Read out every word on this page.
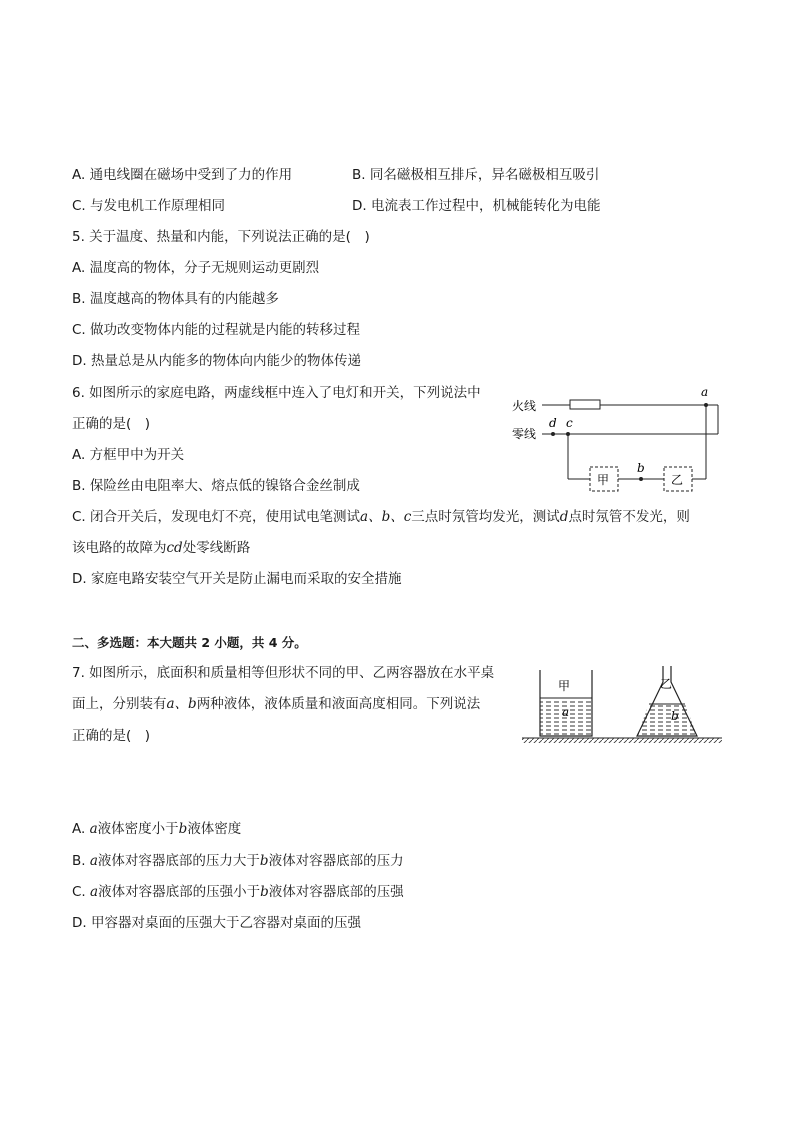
A. 通电线圈在磁场中受到了力的作用	B. 同名磁极相互排斥，异名磁极相互吸引
C. 与发电机工作原理相同	D. 电流表工作过程中，机械能转化为电能
5. 关于温度、热量和内能，下列说法正确的是(　)
A. 温度高的物体，分子无规则运动更剧烈
B. 温度越高的物体具有的内能越多
C. 做功改变物体内能的过程就是内能的转移过程
D. 热量总是从内能多的物体向内能少的物体传递
6. 如图所示的家庭电路，两虚线框中连入了电灯和开关，下列说法中
正确的是(　)
A. 方框甲中为开关
B. 保险丝由电阻率大、熔点低的镍铬合金丝制成
C. 闭合开关后，发现电灯不亮，使用试电笔测试a、b、c三点时氖管均发光，测试d点时氖管不发光，则
该电路的故障为cd处零线断路
D. 家庭电路安装空气开关是防止漏电而采取的安全措施
火线
零线
甲	乙
a
d c
b
二、多选题：本大题共 2 小题，共 4 分。
7. 如图所示，底面积和质量相等但形状不同的甲、乙两容器放在水平桌
面上，分别装有a、b两种液体，液体质量和液面高度相同。下列说法
正确的是(　)
A. a液体密度小于b液体密度
B. a液体对容器底部的压力大于b液体对容器底部的压力
C. a液体对容器底部的压强小于b液体对容器底部的压强
D. 甲容器对桌面的压强大于乙容器对桌面的压强
甲
a
乙
b
